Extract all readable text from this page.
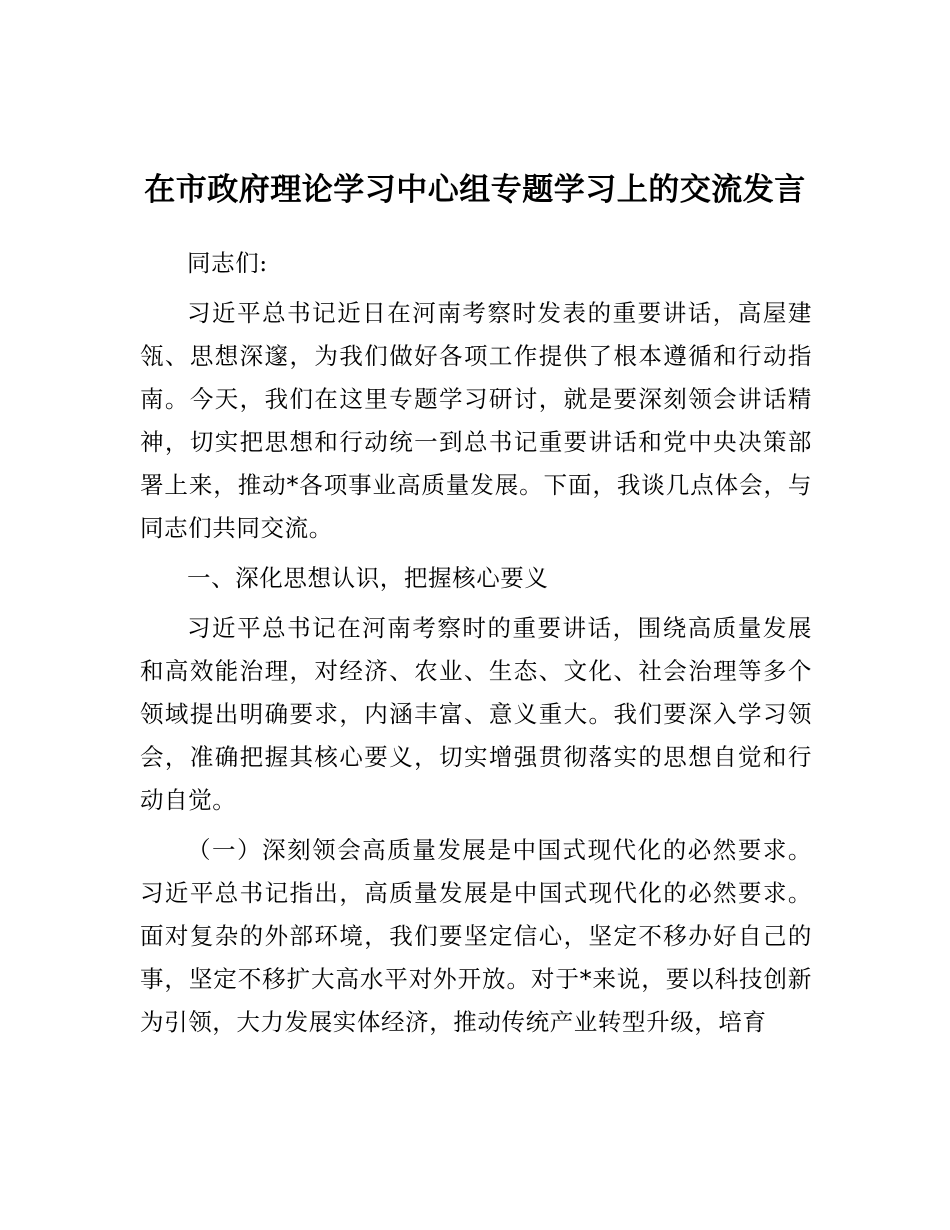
在市政府理论学习中心组专题学习上的交流发言

同志们:

习近平总书记近日在河南考察时发表的重要讲话，高屋建瓴、思想深邃，为我们做好各项工作提供了根本遵循和行动指南。今天，我们在这里专题学习研讨，就是要深刻领会讲话精神，切实把思想和行动统一到总书记重要讲话和党中央决策部署上来，推动*各项事业高质量发展。下面，我谈几点体会，与同志们共同交流。

一、深化思想认识，把握核心要义

习近平总书记在河南考察时的重要讲话，围绕高质量发展和高效能治理，对经济、农业、生态、文化、社会治理等多个领域提出明确要求，内涵丰富、意义重大。我们要深入学习领会，准确把握其核心要义，切实增强贯彻落实的思想自觉和行动自觉。

（一）深刻领会高质量发展是中国式现代化的必然要求。习近平总书记指出，高质量发展是中国式现代化的必然要求。面对复杂的外部环境，我们要坚定信心，坚定不移办好自己的事，坚定不移扩大高水平对外开放。对于*来说，要以科技创新为引领，大力发展实体经济，推动传统产业转型升级，培育
